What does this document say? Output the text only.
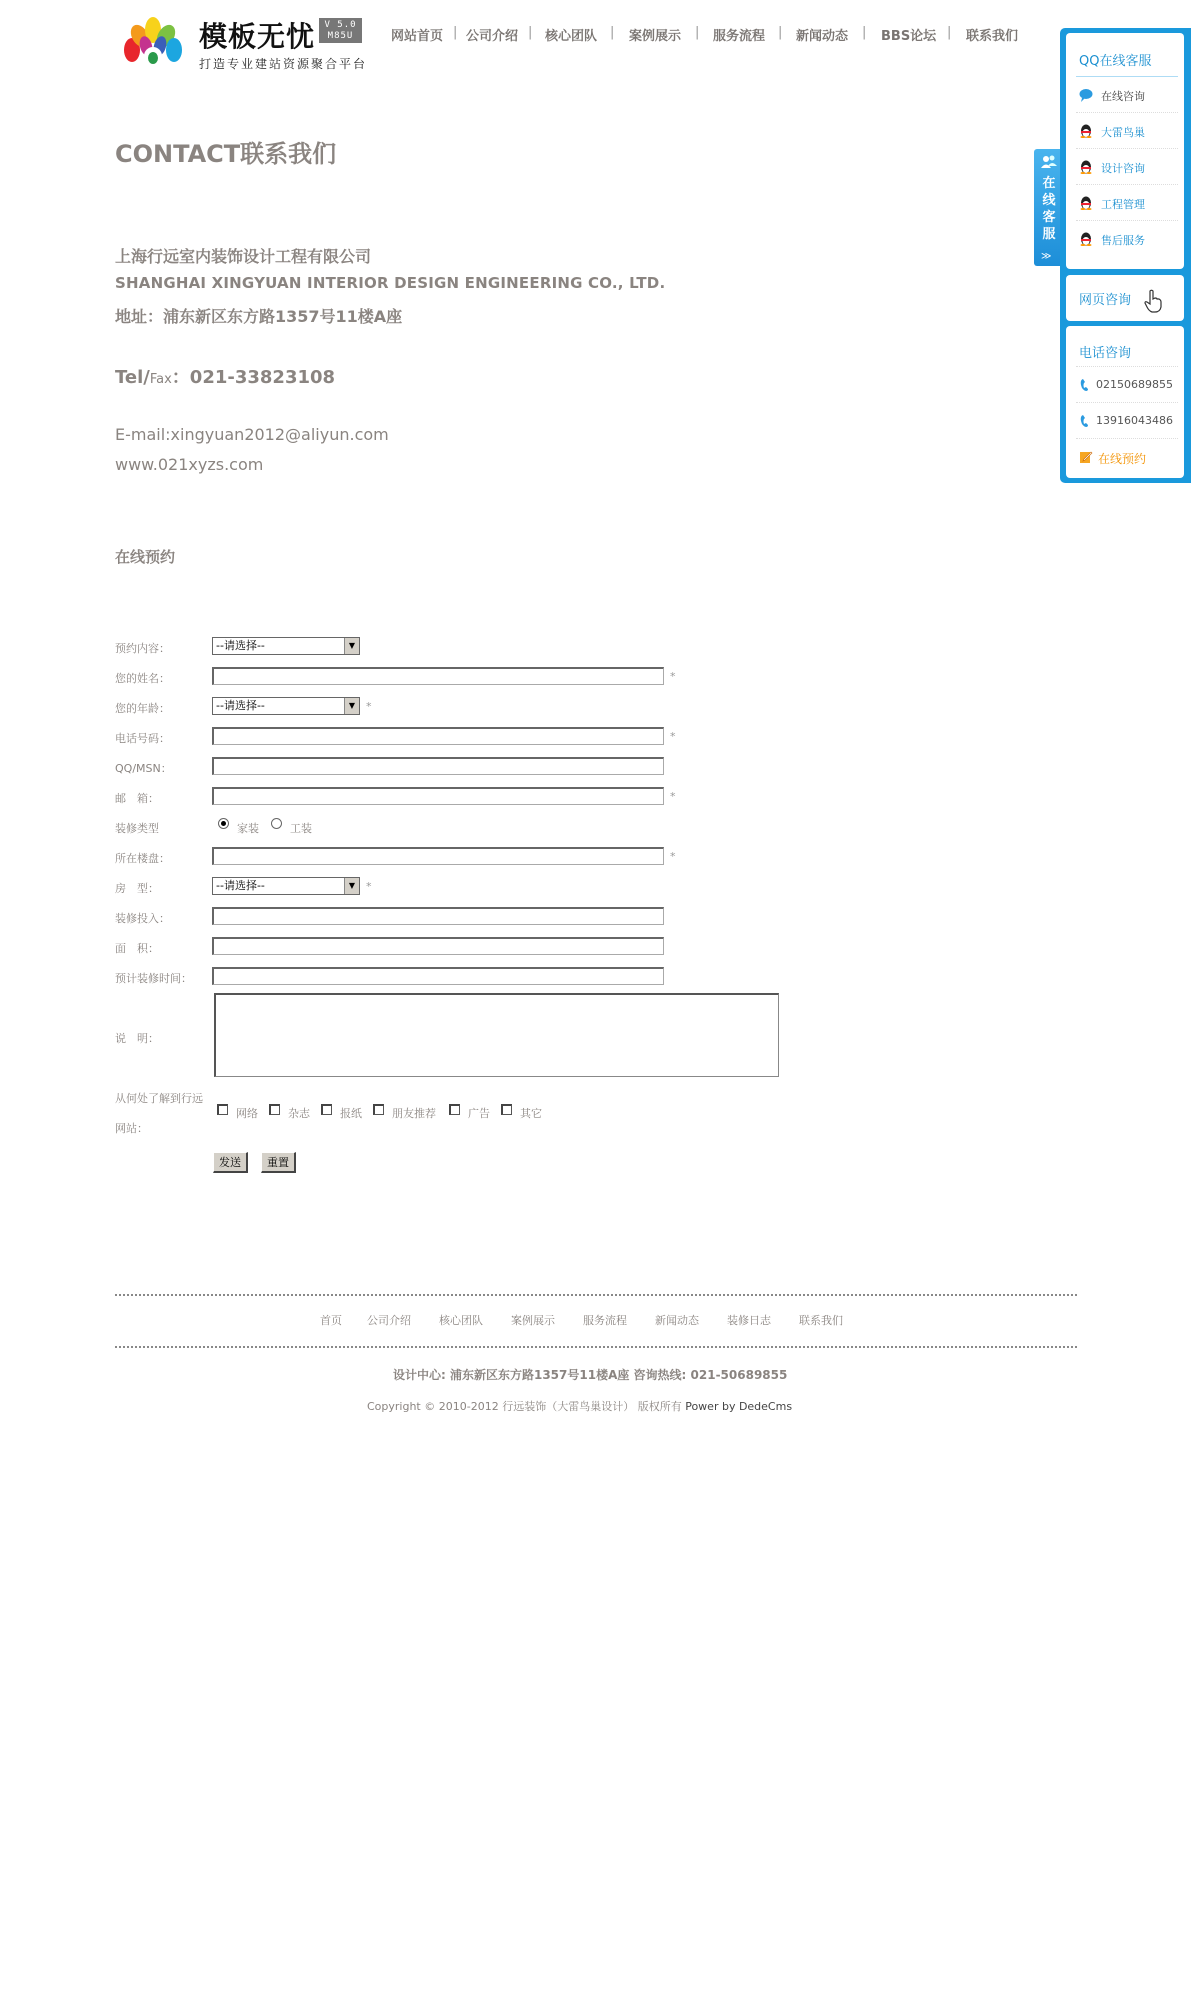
模板无忧	V 5.0 M85U
打造专业建站资源聚合平台
网站首页 | 公司介绍 | 核心团队 | 案例展示 | 服务流程 | 新闻动态 | BBS论坛 | 联系我们
CONTACT联系我们
上海行远室内装饰设计工程有限公司
SHANGHAI XINGYUAN INTERIOR DESIGN ENGINEERING CO., LTD.
地址：浦东新区东方路1357号11楼A座
Tel/Fax：021-33823108
E-mail:xingyuan2012@aliyun.com
www.021xyzs.com
在线预约
预约内容：	--请选择--	▼
您的姓名：	*
您的年龄：	--请选择--	▼ *
电话号码：	*
QQ/MSN：
邮　箱：	*
装修类型	家装	工装
所在楼盘：	*
房　型：	--请选择--	▼ *
装修投入：
面　积：
预计装修时间：
说　明：
从何处了解到行远
网站：
网络	杂志	报纸	朋友推荐	广告	其它
发送	重置
首页 公司介绍	核心团队	案例展示	服务流程	新闻动态	装修日志	联系我们
设计中心: 浦东新区东方路1357号11楼A座 咨询热线: 021-50689855
Copyright © 2010-2012 行远装饰（大雷鸟巢设计） 版权所有 Power by DedeCms
在线客服
≫
QQ在线客服
在线咨询
大雷鸟巢
设计咨询
工程管理
售后服务
网页咨询
电话咨询
02150689855
13916043486
在线预约
